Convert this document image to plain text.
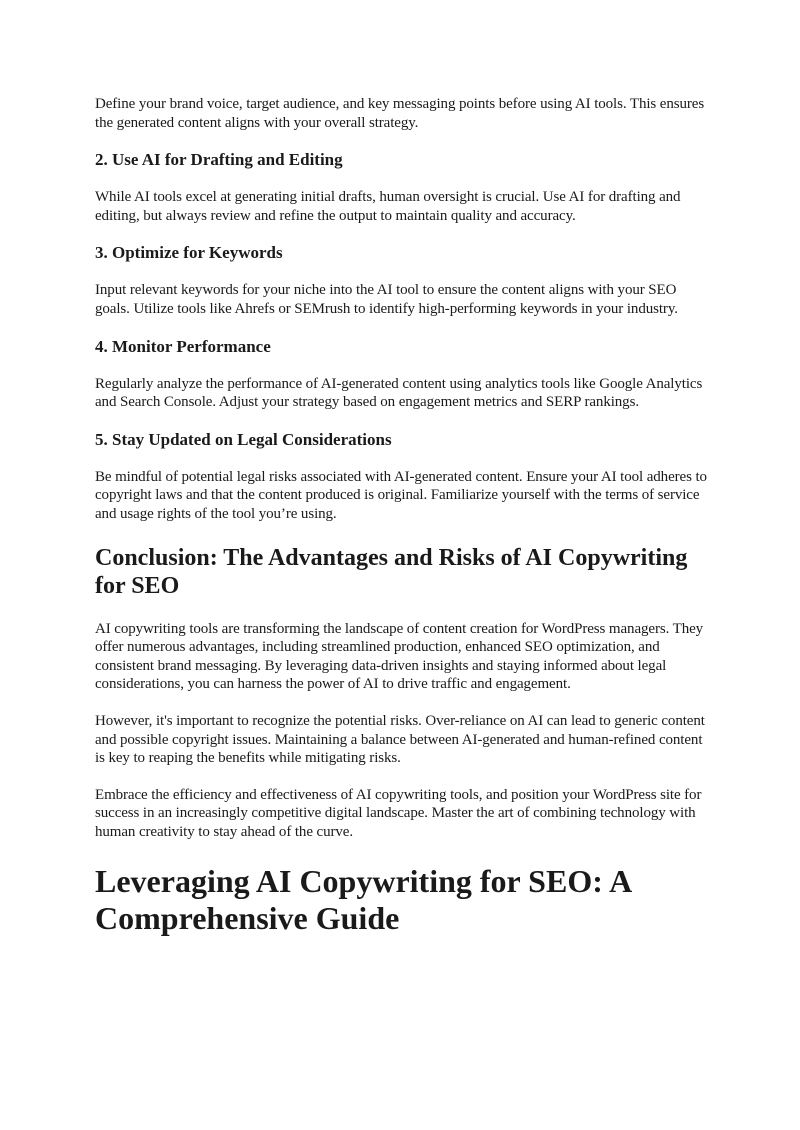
Define your brand voice, target audience, and key messaging points before using AI tools. This ensures the generated content aligns with your overall strategy.

2. Use AI for Drafting and Editing

While AI tools excel at generating initial drafts, human oversight is crucial. Use AI for drafting and editing, but always review and refine the output to maintain quality and accuracy.

3. Optimize for Keywords

Input relevant keywords for your niche into the AI tool to ensure the content aligns with your SEO goals. Utilize tools like Ahrefs or SEMrush to identify high-performing keywords in your industry.

4. Monitor Performance

Regularly analyze the performance of AI-generated content using analytics tools like Google Analytics and Search Console. Adjust your strategy based on engagement metrics and SERP rankings.

5. Stay Updated on Legal Considerations

Be mindful of potential legal risks associated with AI-generated content. Ensure your AI tool adheres to copyright laws and that the content produced is original. Familiarize yourself with the terms of service and usage rights of the tool you’re using.

Conclusion: The Advantages and Risks of AI Copywriting for SEO

AI copywriting tools are transforming the landscape of content creation for WordPress managers. They offer numerous advantages, including streamlined production, enhanced SEO optimization, and consistent brand messaging. By leveraging data-driven insights and staying informed about legal considerations, you can harness the power of AI to drive traffic and engagement.

However, it's important to recognize the potential risks. Over-reliance on AI can lead to generic content and possible copyright issues. Maintaining a balance between AI-generated and human-refined content is key to reaping the benefits while mitigating risks.

Embrace the efficiency and effectiveness of AI copywriting tools, and position your WordPress site for success in an increasingly competitive digital landscape. Master the art of combining technology with human creativity to stay ahead of the curve.

Leveraging AI Copywriting for SEO: A Comprehensive Guide
